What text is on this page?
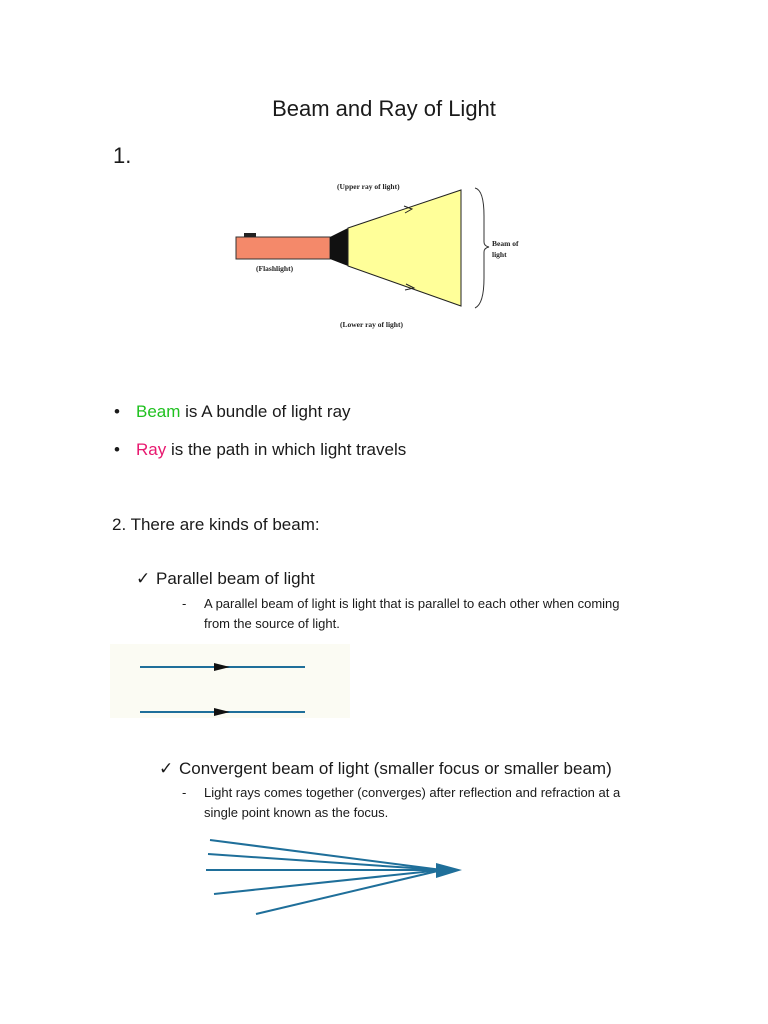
Beam and Ray of Light
1.
(Upper ray of light)
(Lower ray of light)
(Flashlight)
Beam of
light
• Beam is A bundle of light ray
• Ray is the path in which light travels
2. There are kinds of beam:
✓ Parallel beam of light
- A parallel beam of light is light that is parallel to each other when coming
from the source of light.
✓ Convergent beam of light (smaller focus or smaller beam)
- Light rays comes together (converges) after reflection and refraction at a
single point known as the focus.
